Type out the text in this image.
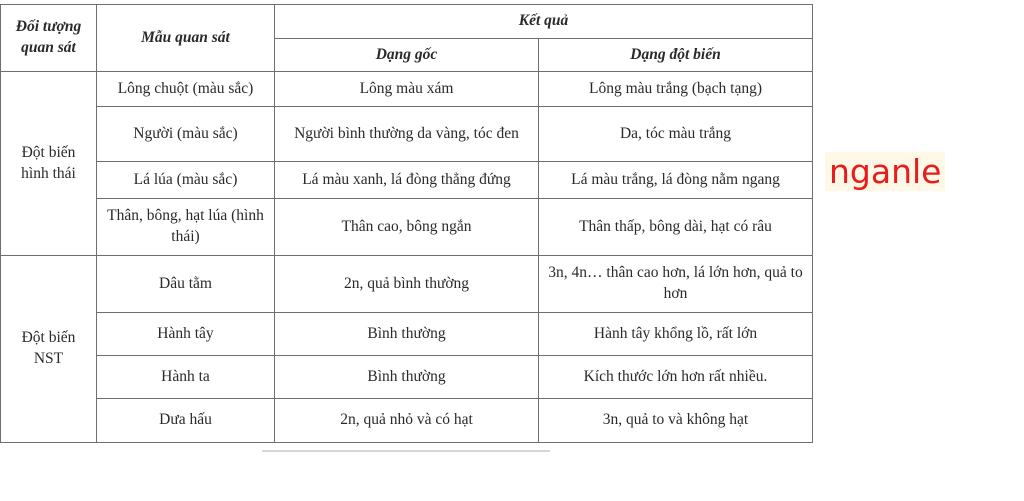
Đối tượng quan sát	Mẫu quan sát	Kết quả	
		Dạng gốc	Dạng đột biến
Đột biến hình thái	Lông chuột (màu sắc)	Lông màu xám	Lông màu trắng (bạch tạng)
	Người (màu sắc)	Người bình thường da vàng, tóc đen	Da, tóc màu trắng
	Lá lúa (màu sắc)	Lá màu xanh, lá đòng thẳng đứng	Lá màu trắng, lá đòng nằm ngang
	Thân, bông, hạt lúa (hình thái)	Thân cao, bông ngắn	Thân thấp, bông dài, hạt có râu
Đột biến NST	Dâu tằm	2n, quả bình thường	3n, 4n… thân cao hơn, lá lớn hơn, quả to hơn
	Hành tây	Bình thường	Hành tây khổng lồ, rất lớn
	Hành ta	Bình thường	Kích thước lớn hơn rất nhiều.
	Dưa hấu	2n, quả nhỏ và có hạt	3n, quả to và không hạt
nganle
